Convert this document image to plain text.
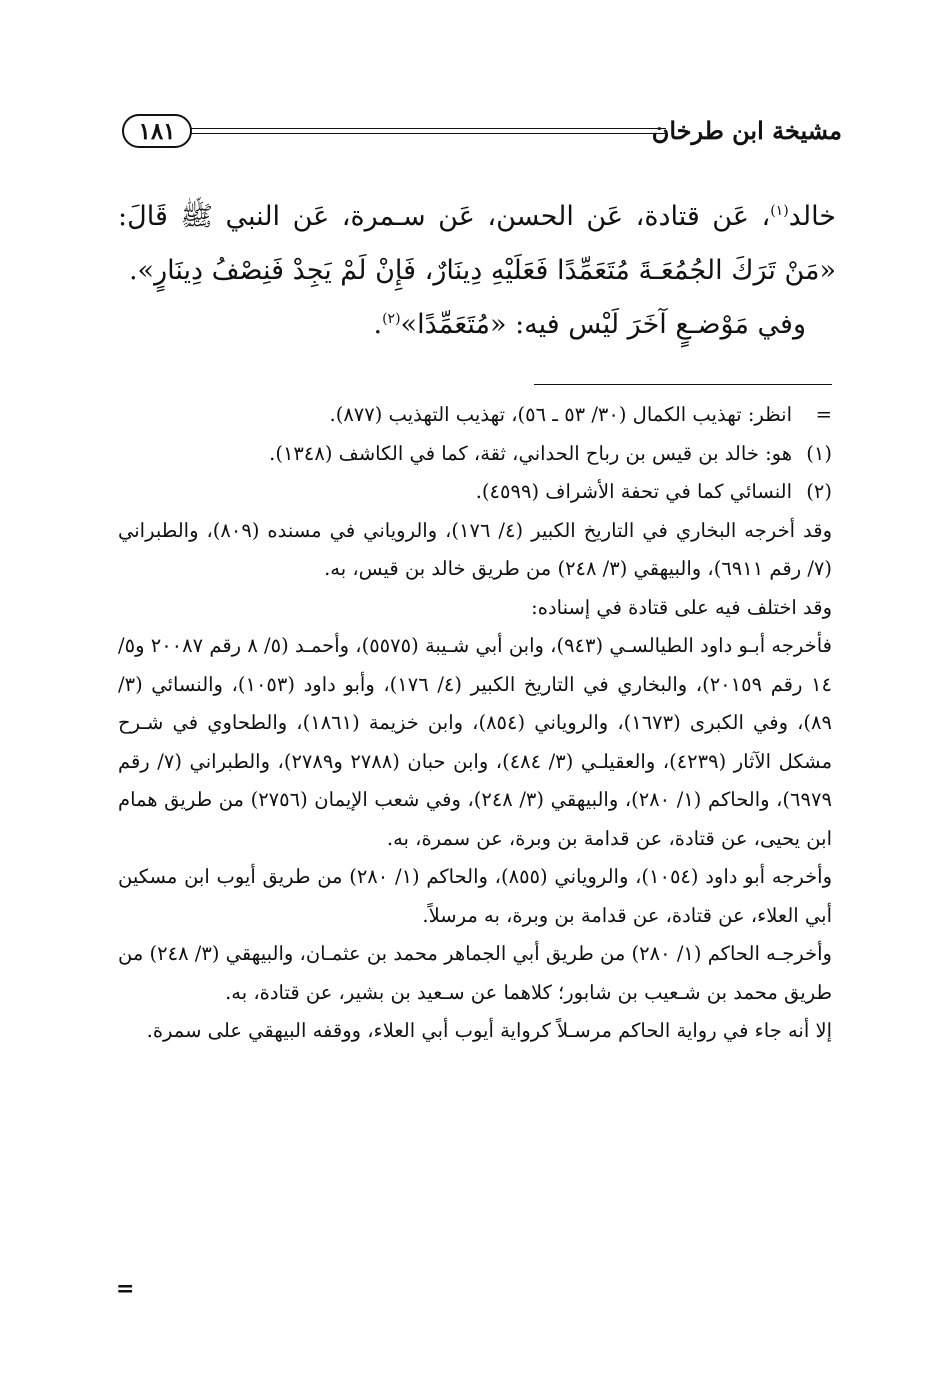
مشيخة ابن طرخان
١٨١

خالد$^{(١)}$، عَن قتادة، عَن الحسن، عَن سـمرة، عَن النبي ﷺ قَالَ: «مَنْ تَرَكَ الجُمُعَـةَ مُتَعَمِّدًا فَعَلَيْهِ دِينَارٌ، فَإِنْ لَمْ يَجِدْ فَنِصْفُ دِينَارٍ».

وفي مَوْضـعٍ آخَرَ لَيْس فيه: «مُتَعَمِّدًا»$^{(٢)}$.

=
انظر: تهذيب الكمال (٣٠/ ٥٣ ـ ٥٦)، تهذيب التهذيب (٨٧٧).
(١)
هو: خالد بن قيس بن رباح الحداني، ثقة، كما في الكاشف (١٣٤٨).
(٢)
النسائي كما في تحفة الأشراف (٤٥٩٩).

وقد أخرجه البخاري في التاريخ الكبير (٤/ ١٧٦)، والروياني في مسنده (٨٠٩)، والطبراني (٧/ رقم ٦٩١١)، والبيهقي (٣/ ٢٤٨) من طريق خالد بن قيس، به.

وقد اختلف فيه على قتادة في إسناده:

فأخرجه أبـو داود الطيالسـي (٩٤٣)، وابن أبي شـيبة (٥٥٧٥)، وأحمـد (٥/ ٨ رقم ٢٠٠٨٧ و٥/ ١٤ رقم ٢٠١٥٩)، والبخاري في التاريخ الكبير (٤/ ١٧٦)، وأبو داود (١٠٥٣)، والنسائي (٣/ ٨٩)، وفي الكبرى (١٦٧٣)، والروياني (٨٥٤)، وابن خزيمة (١٨٦١)، والطحاوي في شـرح مشكل الآثار (٤٢٣٩)، والعقيلـي (٣/ ٤٨٤)، وابن حبان (٢٧٨٨ و٢٧٨٩)، والطبراني (٧/ رقم ٦٩٧٩)، والحاكم (١/ ٢٨٠)، والبيهقي (٣/ ٢٤٨)، وفي شعب الإيمان (٢٧٥٦) من طريق همام ابن يحيى، عن قتادة، عن قدامة بن وبرة، عن سمرة، به.

وأخرجه أبو داود (١٠٥٤)، والروياني (٨٥٥)، والحاكم (١/ ٢٨٠) من طريق أيوب ابن مسكين أبي العلاء، عن قتادة، عن قدامة بن وبرة، به مرسلاً.

وأخرجـه الحاكم (١/ ٢٨٠) من طريق أبي الجماهر محمد بن عثمـان، والبيهقي (٣/ ٢٤٨) من طريق محمد بن شـعيب بن شابور؛ كلاهما عن سـعيد بن بشير، عن قتادة، به.

إلا أنه جاء في رواية الحاكم مرسـلاً كرواية أيوب أبي العلاء، ووقفه البيهقي على سمرة.

=
